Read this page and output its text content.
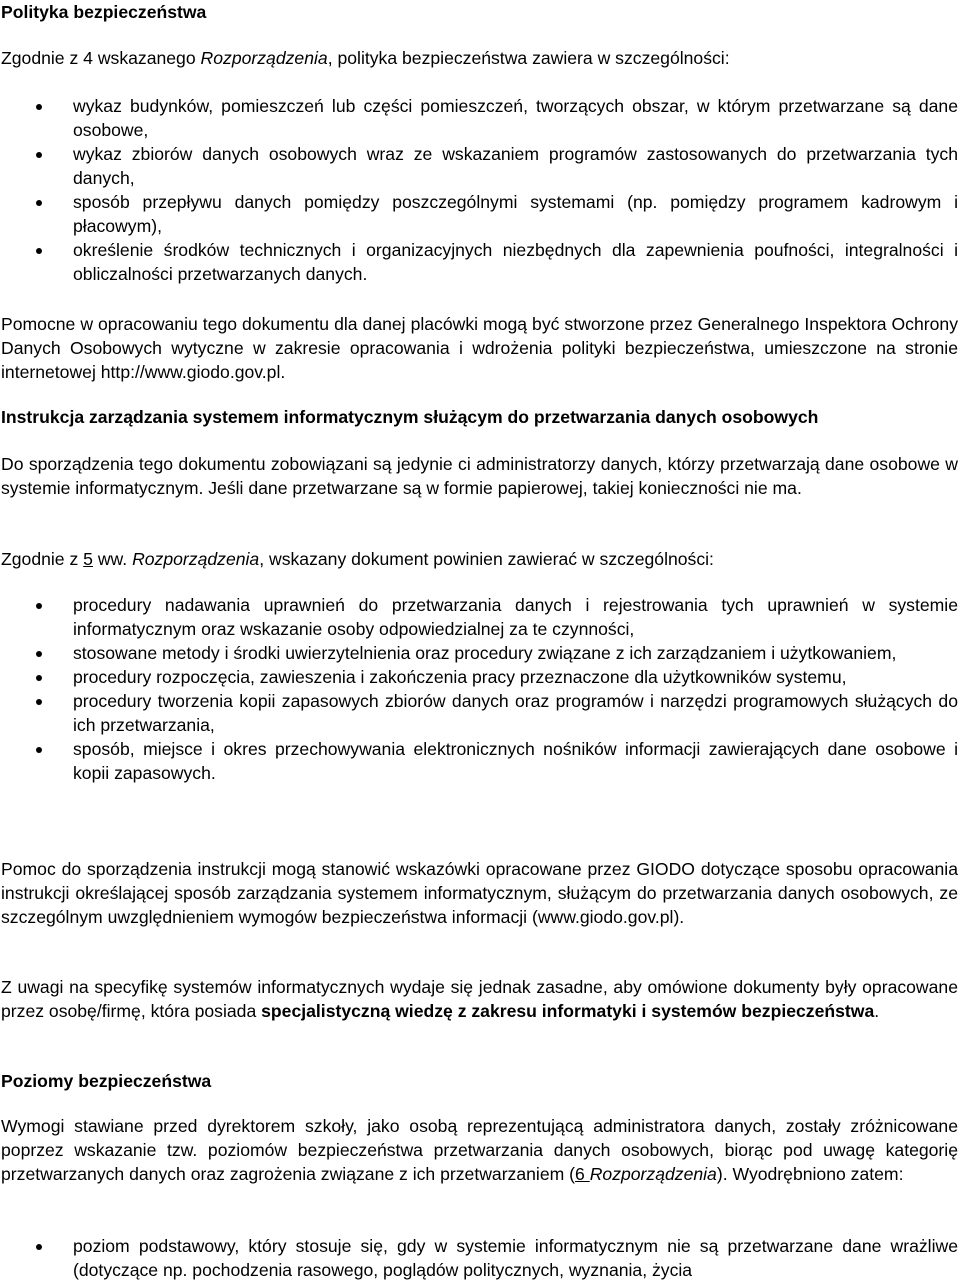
Polityka bezpieczeństwa

Zgodnie z 4 wskazanego Rozporządzenia, polityka bezpieczeństwa zawiera w szczególności:

wykaz budynków, pomieszczeń lub części pomieszczeń, tworzących obszar, w którym przetwarzane są dane osobowe,
wykaz zbiorów danych osobowych wraz ze wskazaniem programów zastosowanych do przetwarzania tych danych,
sposób przepływu danych pomiędzy poszczególnymi systemami (np. pomiędzy programem kadrowym i płacowym),
określenie środków technicznych i organizacyjnych niezbędnych dla zapewnienia poufności, integralności i obliczalności przetwarzanych danych.

Pomocne w opracowaniu tego dokumentu dla danej placówki mogą być stworzone przez Generalnego Inspektora Ochrony Danych Osobowych wytyczne w zakresie opracowania i wdrożenia polityki bezpieczeństwa, umieszczone na stronie internetowej http://www.giodo.gov.pl.

Instrukcja zarządzania systemem informatycznym służącym do przetwarzania danych osobowych

Do sporządzenia tego dokumentu zobowiązani są jedynie ci administratorzy danych, którzy przetwarzają dane osobowe w systemie informatycznym. Jeśli dane przetwarzane są w formie papierowej, takiej konieczności nie ma.

Zgodnie z 5 ww. Rozporządzenia, wskazany dokument powinien zawierać w szczególności:

procedury nadawania uprawnień do przetwarzania danych i rejestrowania tych uprawnień w systemie informatycznym oraz wskazanie osoby odpowiedzialnej za te czynności,
stosowane metody i środki uwierzytelnienia oraz procedury związane z ich zarządzaniem i użytkowaniem,
procedury rozpoczęcia, zawieszenia i zakończenia pracy przeznaczone dla użytkowników systemu,
procedury tworzenia kopii zapasowych zbiorów danych oraz programów i narzędzi programowych służących do ich przetwarzania,
sposób, miejsce i okres przechowywania elektronicznych nośników informacji zawierających dane osobowe i kopii zapasowych.

Pomoc do sporządzenia instrukcji mogą stanowić wskazówki opracowane przez GIODO dotyczące sposobu opracowania instrukcji określającej sposób zarządzania systemem informatycznym, służącym do przetwarzania danych osobowych, ze szczególnym uwzględnieniem wymogów bezpieczeństwa informacji (www.giodo.gov.pl).

Z uwagi na specyfikę systemów informatycznych wydaje się jednak zasadne, aby omówione dokumenty były opracowane przez osobę/firmę, która posiada specjalistyczną wiedzę z zakresu informatyki i systemów bezpieczeństwa.

Poziomy bezpieczeństwa

Wymogi stawiane przed dyrektorem szkoły, jako osobą reprezentującą administratora danych, zostały zróżnicowane poprzez wskazanie tzw. poziomów bezpieczeństwa przetwarzania danych osobowych, biorąc pod uwagę kategorię przetwarzanych danych oraz zagrożenia związane z ich przetwarzaniem (6 Rozporządzenia). Wyodrębniono zatem:

poziom podstawowy, który stosuje się, gdy w systemie informatycznym nie są przetwarzane dane wrażliwe (dotyczące np. pochodzenia rasowego, poglądów politycznych, wyznania, życia
